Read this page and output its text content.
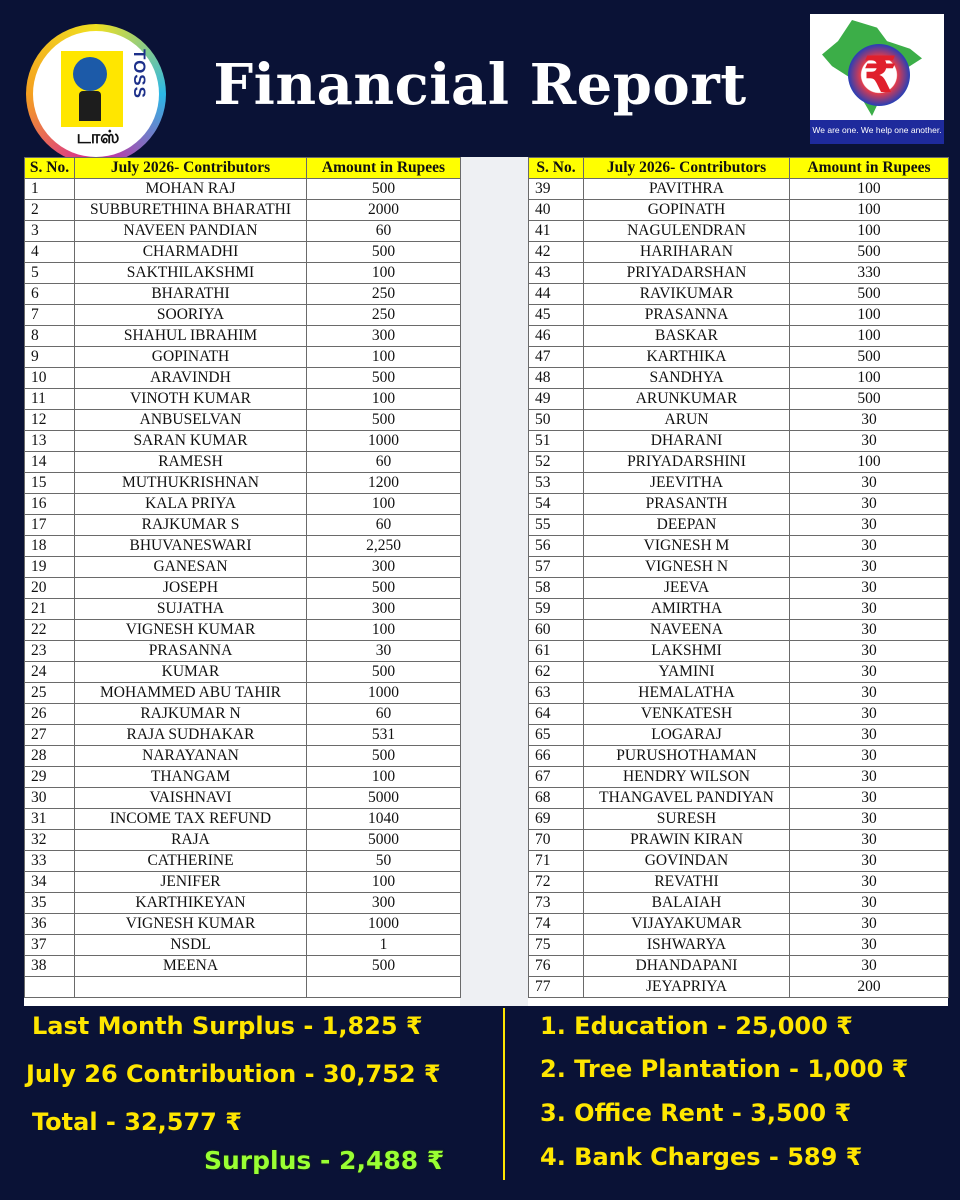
TOSS
டாஸ்
Financial Report	₹
We are one. We help one another.
S. No.	July 2026- Contributors	Amount in Rupees
1	MOHAN RAJ	500
2	SUBBURETHINA BHARATHI	2000
3	NAVEEN PANDIAN	60
4	CHARMADHI	500
5	SAKTHILAKSHMI	100
6	BHARATHI	250
7	SOORIYA	250
8	SHAHUL IBRAHIM	300
9	GOPINATH	100
10	ARAVINDH	500
11	VINOTH KUMAR	100
12	ANBUSELVAN	500
13	SARAN KUMAR	1000
14	RAMESH	60
15	MUTHUKRISHNAN	1200
16	KALA PRIYA	100
17	RAJKUMAR S	60
18	BHUVANESWARI	2,250
19	GANESAN	300
20	JOSEPH	500
21	SUJATHA	300
22	VIGNESH KUMAR	100
23	PRASANNA	30
24	KUMAR	500
25	MOHAMMED ABU TAHIR	1000
26	RAJKUMAR N	60
27	RAJA SUDHAKAR	531
28	NARAYANAN	500
29	THANGAM	100
30	VAISHNAVI	5000
31	INCOME TAX REFUND	1040
32	RAJA	5000
33	CATHERINE	50
34	JENIFER	100
35	KARTHIKEYAN	300
36	VIGNESH KUMAR	1000
37	NSDL	1
38	MEENA	500

S. No.	July 2026- Contributors	Amount in Rupees
39	PAVITHRA	100
40	GOPINATH	100
41	NAGULENDRAN	100
42	HARIHARAN	500
43	PRIYADARSHAN	330
44	RAVIKUMAR	500
45	PRASANNA	100
46	BASKAR	100
47	KARTHIKA	500
48	SANDHYA	100
49	ARUNKUMAR	500
50	ARUN	30
51	DHARANI	30
52	PRIYADARSHINI	100
53	JEEVITHA	30
54	PRASANTH	30
55	DEEPAN	30
56	VIGNESH M	30
57	VIGNESH N	30
58	JEEVA	30
59	AMIRTHA	30
60	NAVEENA	30
61	LAKSHMI	30
62	YAMINI	30
63	HEMALATHA	30
64	VENKATESH	30
65	LOGARAJ	30
66	PURUSHOTHAMAN	30
67	HENDRY WILSON	30
68	THANGAVEL PANDIYAN	30
69	SURESH	30
70	PRAWIN KIRAN	30
71	GOVINDAN	30
72	REVATHI	30
73	BALAIAH	30
74	VIJAYAKUMAR	30
75	ISHWARYA	30
76	DHANDAPANI	30
77	JEYAPRIYA	200
Last Month Surplus - 1,825 ₹
July 26 Contribution - 30,752 ₹
Total - 32,577 ₹
Surplus - 2,488 ₹
1. Education - 25,000 ₹
2. Tree Plantation - 1,000 ₹
3. Office Rent - 3,500 ₹
4. Bank Charges - 589 ₹
